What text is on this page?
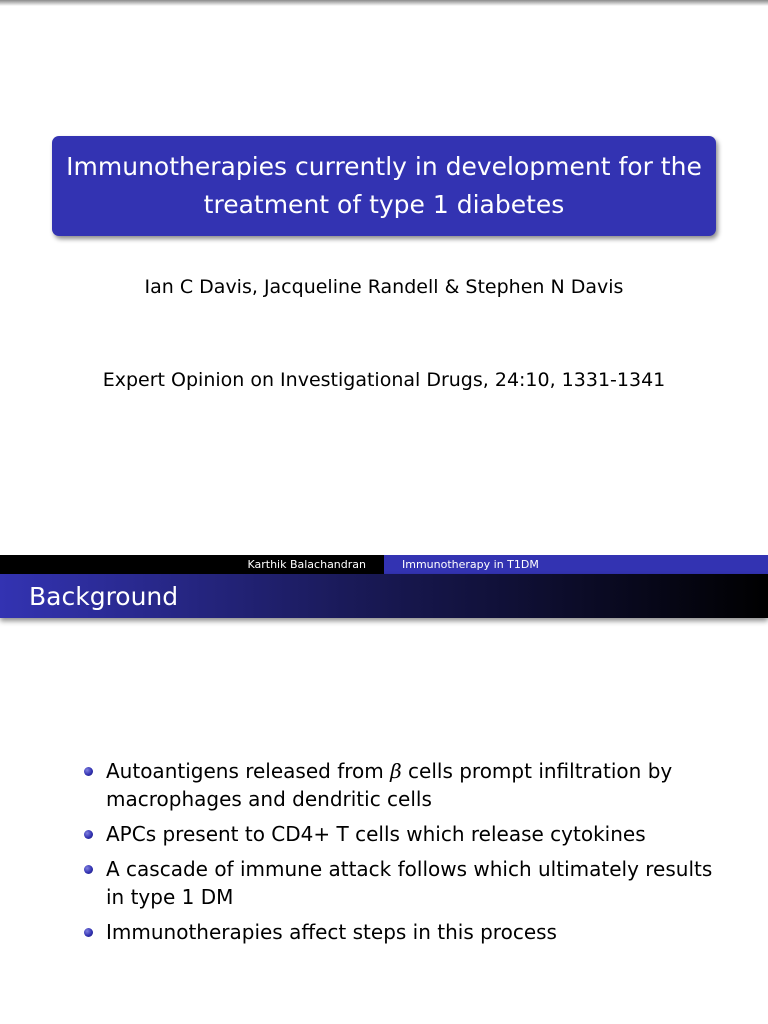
Immunotherapies currently in development for the
treatment of type 1 diabetes
Ian C Davis, Jacqueline Randell & Stephen N Davis
Expert Opinion on Investigational Drugs, 24:10, 1331-1341
Karthik Balachandran	Immunotherapy in T1DM
Background
Autoantigens released from β cells prompt infiltration by
macrophages and dendritic cells
APCs present to CD4+ T cells which release cytokines
A cascade of immune attack follows which ultimately results
in type 1 DM
Immunotherapies affect steps in this process
